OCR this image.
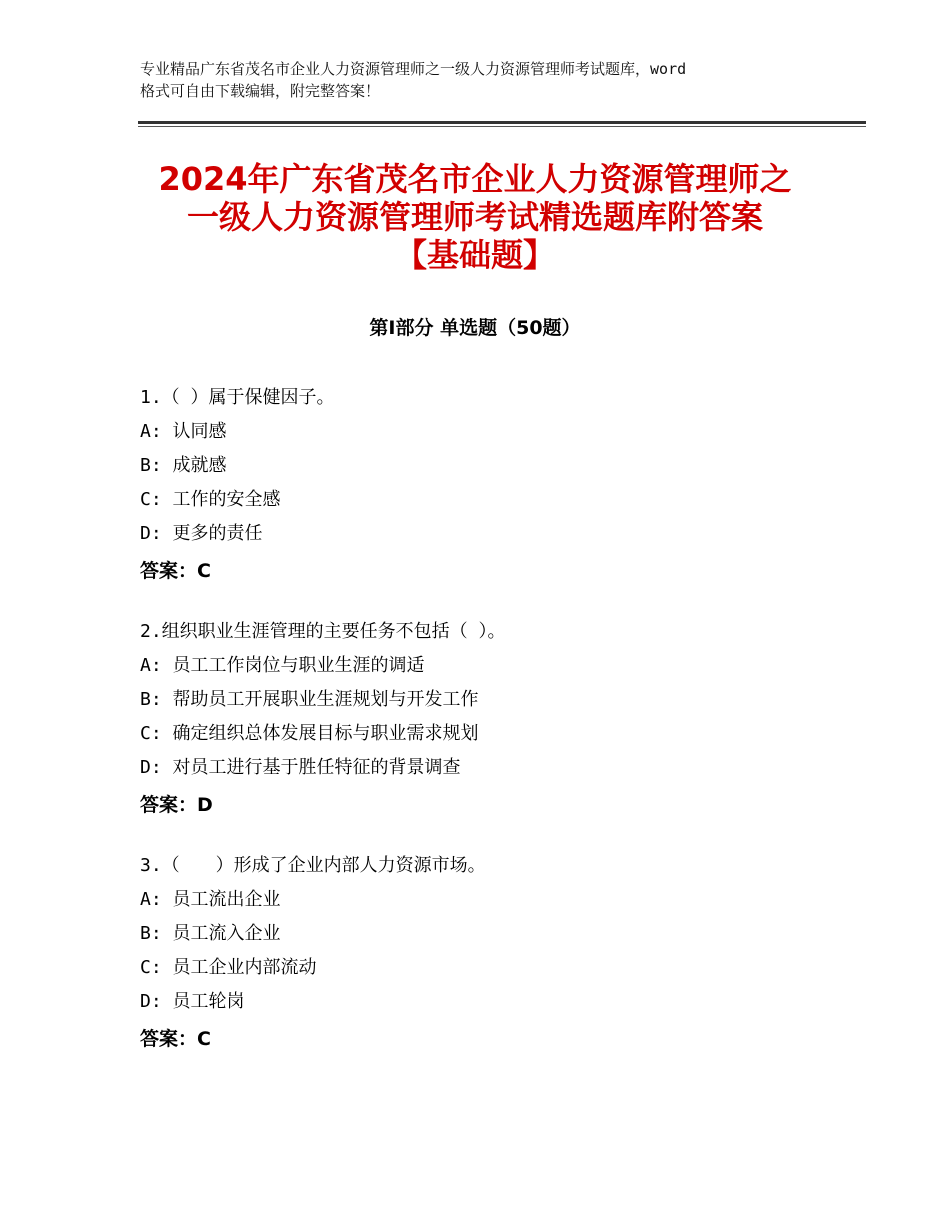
专业精品广东省茂名市企业人力资源管理师之一级人力资源管理师考试题库，word
格式可自由下载编辑，附完整答案！
2024年广东省茂名市企业人力资源管理师之
一级人力资源管理师考试精选题库附答案
【基础题】
第Ⅰ部分 单选题（50题）
1.（ ）属于保健因子。
A: 认同感
B: 成就感
C: 工作的安全感
D: 更多的责任
答案：C
2.组织职业生涯管理的主要任务不包括（ ）。
A: 员工工作岗位与职业生涯的调适
B: 帮助员工开展职业生涯规划与开发工作
C: 确定组织总体发展目标与职业需求规划
D: 对员工进行基于胜任特征的背景调查
答案：D
3.（　　）形成了企业内部人力资源市场。
A: 员工流出企业
B: 员工流入企业
C: 员工企业内部流动
D: 员工轮岗
答案：C
